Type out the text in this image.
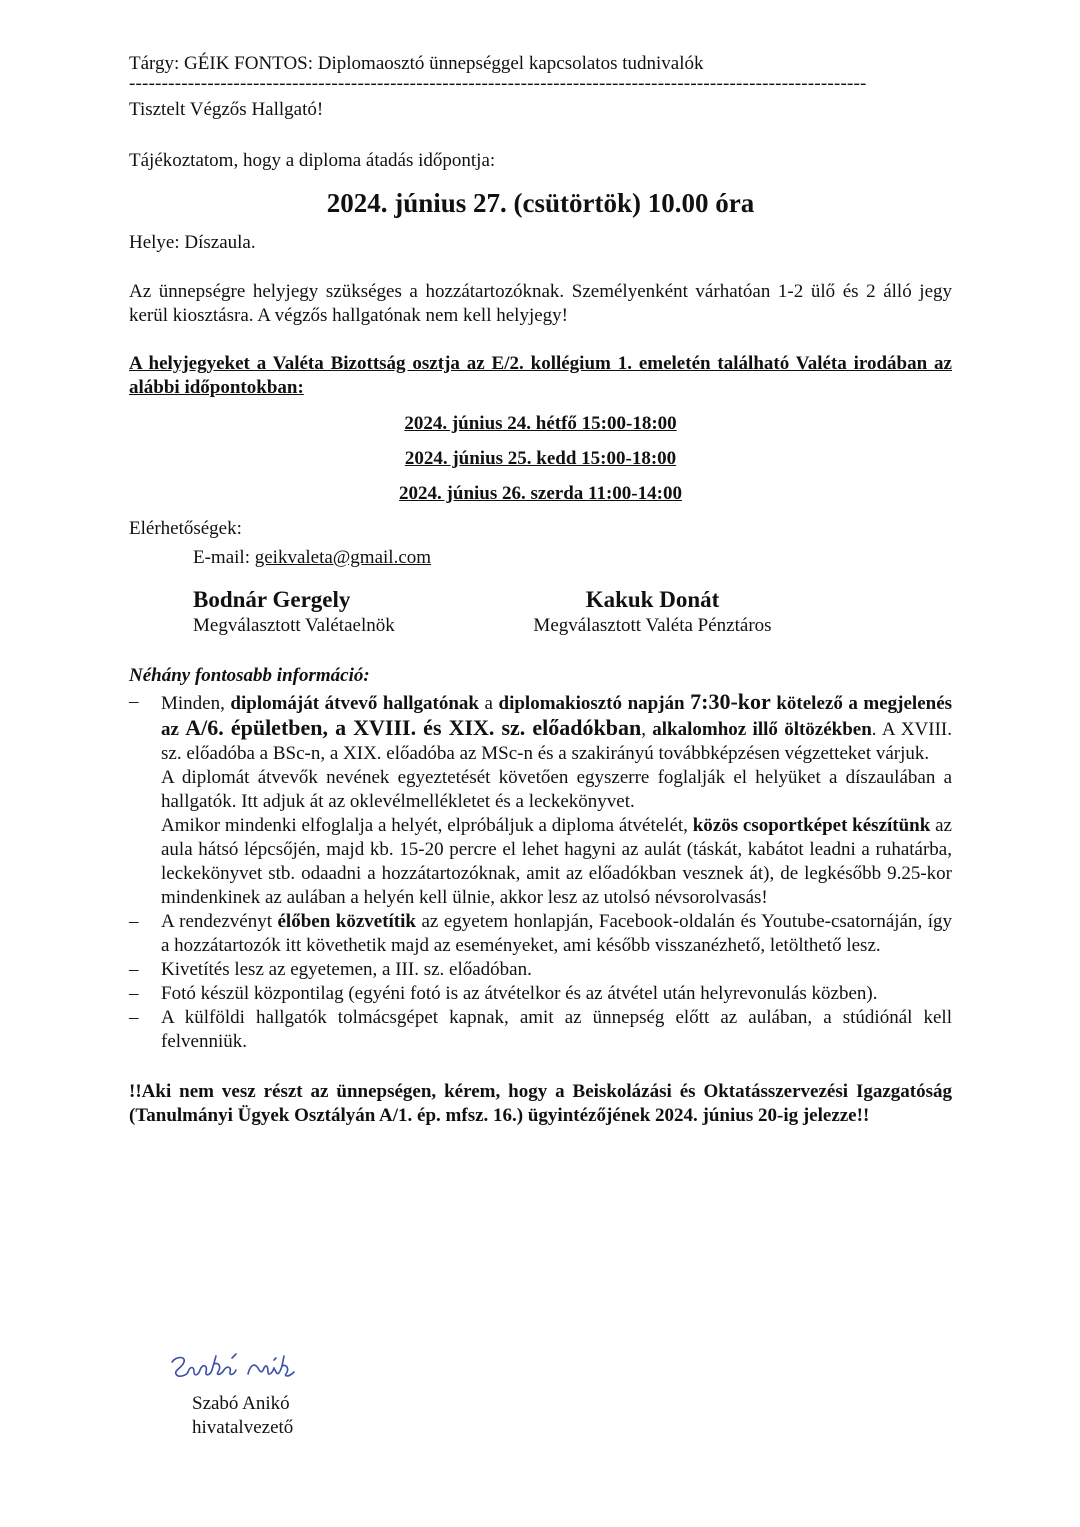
Tárgy: GÉIK FONTOS: Diplomaosztó ünnepséggel kapcsolatos tudnivalók

-----------------------------------------------------------------------------------------------------------------

Tisztelt Végzős Hallgató!

Tájékoztatom, hogy a diploma átadás időpontja:

2024. június 27. (csütörtök) 10.00 óra

Helye: Díszaula.

Az ünnepségre helyjegy szükséges a hozzátartozóknak. Személyenként várhatóan 1-2 ülő és 2 álló jegy kerül kiosztásra. A végzős hallgatónak nem kell helyjegy!

A helyjegyeket a Valéta Bizottság osztja az E/2. kollégium 1. emeletén található Valéta irodában az alábbi időpontokban:

2024. június 24. hétfő 15:00-18:00

2024. június 25. kedd 15:00-18:00

2024. június 26. szerda 11:00-14:00

Elérhetőségek:

E-mail: geikvaleta@gmail.com

Bodnár Gergely
Megválasztott Valétaelnök
Kakuk Donát
Megválasztott Valéta Pénztáros

Néhány fontosabb információ:

– Minden, diplomáját átvevő hallgatónak a diplomakiosztó napján 7:30-kor kötelező a megjelenés az A/6. épületben, a XVIII. és XIX. sz. előadókban, alkalomhoz illő öltözékben. A XVIII. sz. előadóba a BSc-n, a XIX. előadóba az MSc-n és a szakirányú továbbképzésen végzetteket várjuk.
A diplomát átvevők nevének egyeztetését követően egyszerre foglalják el helyüket a díszaulában a hallgatók. Itt adjuk át az oklevélmellékletet és a leckekönyvet.
Amikor mindenki elfoglalja a helyét, elpróbáljuk a diploma átvételét, közös csoportképet készítünk az aula hátsó lépcsőjén, majd kb. 15-20 percre el lehet hagyni az aulát (táskát, kabátot leadni a ruhatárba, leckekönyvet stb. odaadni a hozzátartozóknak, amit az előadókban vesznek át), de legkésőbb 9.25-kor mindenkinek az aulában a helyén kell ülnie, akkor lesz az utolsó névsorolvasás!
– A rendezvényt élőben közvetítik az egyetem honlapján, Facebook-oldalán és Youtube-csatornáján, így a hozzátartozók itt követhetik majd az eseményeket, ami később visszanézhető, letölthető lesz.
– Kivetítés lesz az egyetemen, a III. sz. előadóban.
– Fotó készül központilag (egyéni fotó is az átvételkor és az átvétel után helyrevonulás közben).
– A külföldi hallgatók tolmácsgépet kapnak, amit az ünnepség előtt az aulában, a stúdiónál kell felvenniük.

!!Aki nem vesz részt az ünnepségen, kérem, hogy a Beiskolázási és Oktatásszervezési Igazgatóság (Tanulmányi Ügyek Osztályán A/1. ép. mfsz. 16.) ügyintézőjének 2024. június 20-ig jelezze!!

Szabó Anikó
hivatalvezető
